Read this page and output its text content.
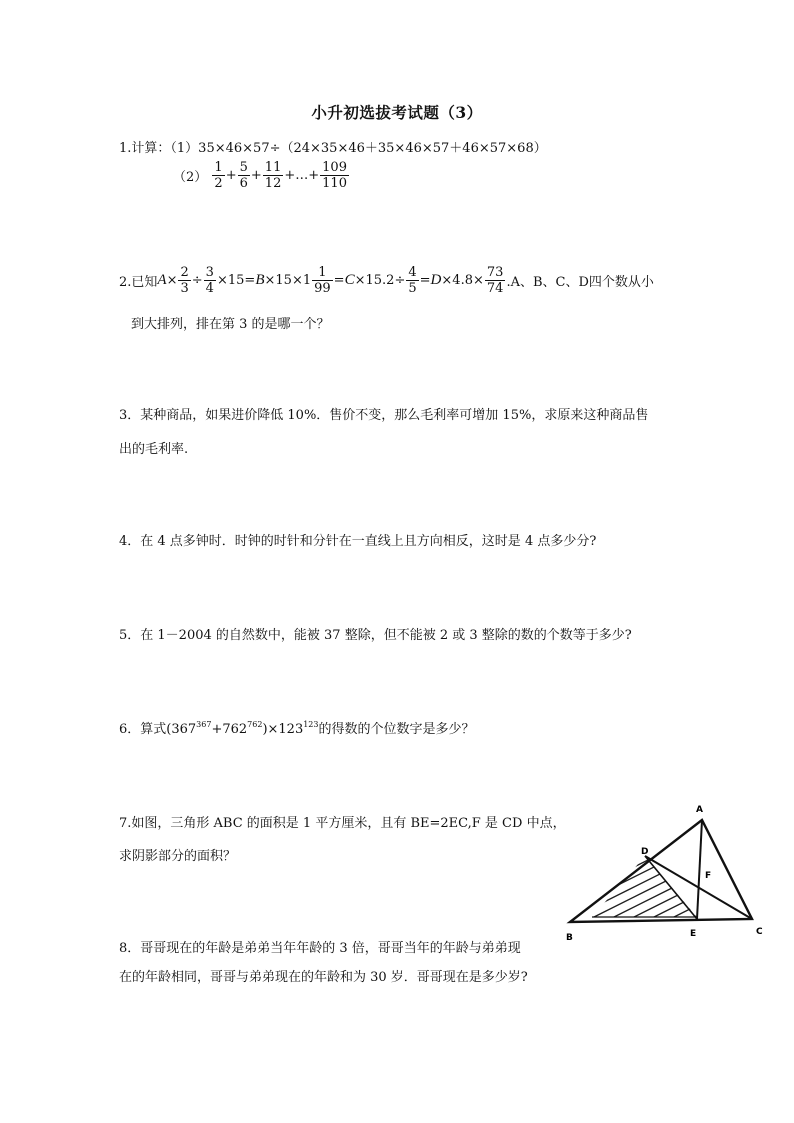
小升初选拔考试题（3）
1.计算：（1）35×46×57÷（24×35×46＋35×46×57＋46×57×68）
$(2) \frac{1}{2} + \frac{5}{6} + \frac{11}{12}$ +…+ $\frac{109}{110}$
2.已知$A\times \frac{2}{3} \div \frac{3}{4} \times 15=B\times 15\times 1 \frac{1}{99} =C\times 15.2\div \frac{4}{5} =D\times 4.8\times \frac{73}{74} .A$、B、C、D四个数从小
到大排列，排在第 3 的是哪一个？
3．某种商品，如果进价降低 10%．售价不变，那么毛利率可增加 15%，求原来这种商品售
出的毛利率.
4．在 4 点多钟时．时钟的时针和分针在一直线上且方向相反，这时是 4 点多少分?
5．在 1－2004 的自然数中，能被 37 整除，但不能被 2 或 3 整除的数的个数等于多少?
6．算式$(367^{367}+762^{762})\times 123^{123}$的得数的个位数字是多少？
7.如图，三角形 ABC 的面积是 1 平方厘米，且有 BE=2EC,F 是 CD 中点，
求阴影部分的面积？
A
D
F
B	E	C
8．哥哥现在的年龄是弟弟当年年龄的 3 倍，哥哥当年的年龄与弟弟现
在的年龄相同，哥哥与弟弟现在的年龄和为 30 岁．哥哥现在是多少岁?
